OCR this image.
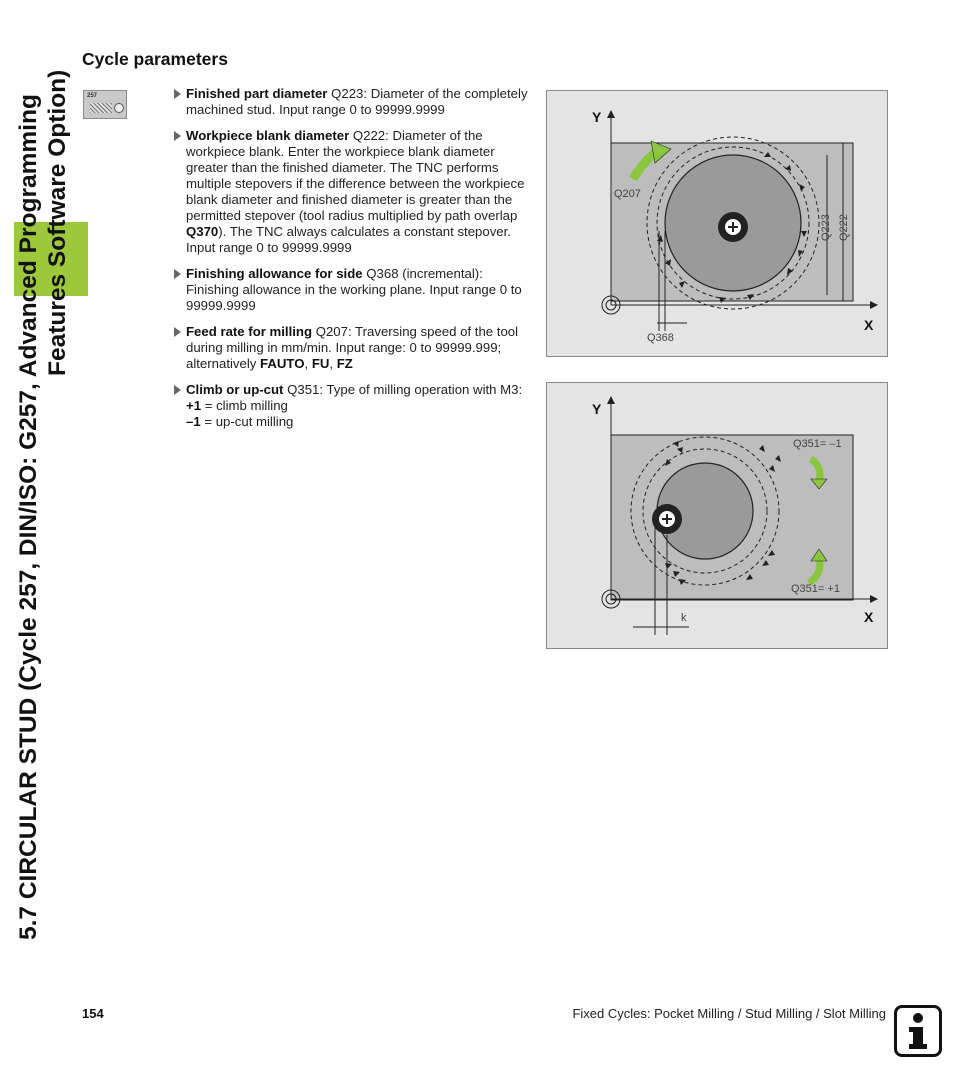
5.7 CIRCULAR STUD (Cycle 257, DIN/ISO: G257, Advanced Programming Features Software Option)
Cycle parameters
257	Finished part diameter Q223: Diameter of the completely machined stud. Input range 0 to 99999.9999
Workpiece blank diameter Q222: Diameter of the workpiece blank. Enter the workpiece blank diameter greater than the finished diameter. The TNC performs multiple stepovers if the difference between the workpiece blank diameter and finished diameter is greater than the permitted stepover (tool radius multiplied by path overlap Q370). The TNC always calculates a constant stepover. Input range 0 to 99999.9999
Finishing allowance for side Q368 (incremental): Finishing allowance in the working plane. Input range 0 to 99999.9999
Feed rate for milling Q207: Traversing speed of the tool during milling in mm/min. Input range: 0 to 99999.999; alternatively FAUTO, FU, FZ
Climb or up-cut Q351: Type of milling operation with M3:
+1 = climb milling
–1 = up-cut milling
Y
X
Q207
Q223 Q222
Q368
Y
X
Q351= –1
Q351= +1
k
154	Fixed Cycles: Pocket Milling / Stud Milling / Slot Milling
